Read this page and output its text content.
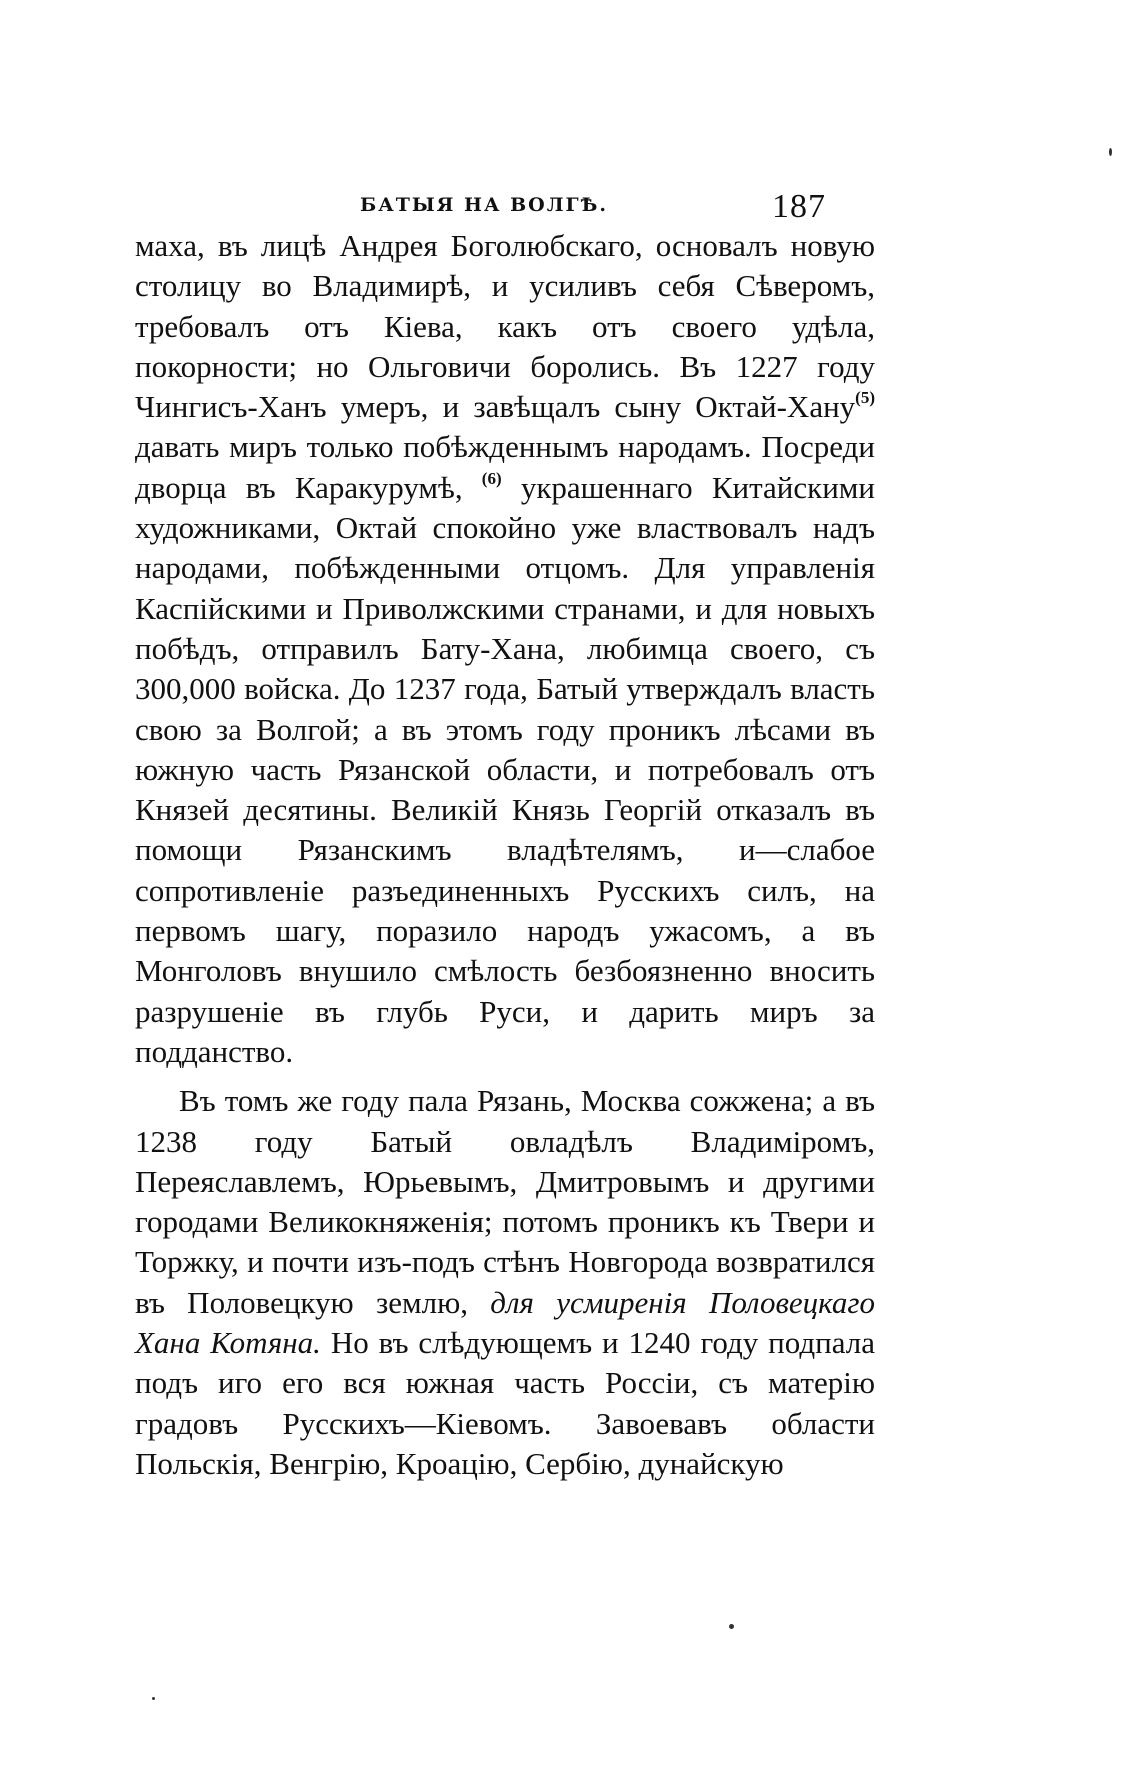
БАТЫЯ НА ВОЛГѢ.	187

маха, въ лицѣ Андрея Боголюбскаго, основалъ новую столицу во Владимирѣ, и усиливъ себя Сѣверомъ, требовалъ отъ Кіева, какъ отъ своего удѣла, покорности; но Ольговичи боролись. Въ 1227 году Чингисъ-Ханъ умеръ, и завѣщалъ сыну Октай-Хану$^{(5)}$ давать миръ только побѣжденнымъ народамъ. Посреди дворца въ Каракурумѣ, $^{(6)}$ украшеннаго Китайскими художниками, Октай спокойно уже властвовалъ надъ народами, побѣжденными отцомъ. Для управленія Каспійскими и Приволжскими странами, и для новыхъ побѣдъ, отправилъ Бату-Хана, любимца своего, съ 300,000 войска. До 1237 года, Батый утверждалъ власть свою за Волгой; а въ этомъ году проникъ лѣсами въ южную часть Рязанской области, и потребовалъ отъ Князей десятины. Великій Князь Георгій отказалъ въ помощи Рязанскимъ владѣтелямъ, и—слабое сопротивленіе разъединенныхъ Русскихъ силъ, на первомъ шагу, поразило народъ ужасомъ, а въ Монголовъ внушило смѣлость безбоязненно вносить разрушеніе въ глубь Руси, и дарить миръ за подданство.

Въ томъ же году пала Рязань, Москва сожжена; а въ 1238 году Батый овладѣлъ Владиміромъ, Переяславлемъ, Юрьевымъ, Дмитровымъ и другими городами Великокняженія; потомъ проникъ къ Твери и Торжку, и почти изъ-подъ стѣнъ Новгорода возвратился въ Половецкую землю, для усмиренія Половецкаго Хана Котяна. Но въ слѣдующемъ и 1240 году подпала подъ иго его вся южная часть Россіи, съ матерію градовъ Русскихъ—Кіевомъ. Завоевавъ области Польскія, Венгрію, Кроацію, Сербію, дунайскую
